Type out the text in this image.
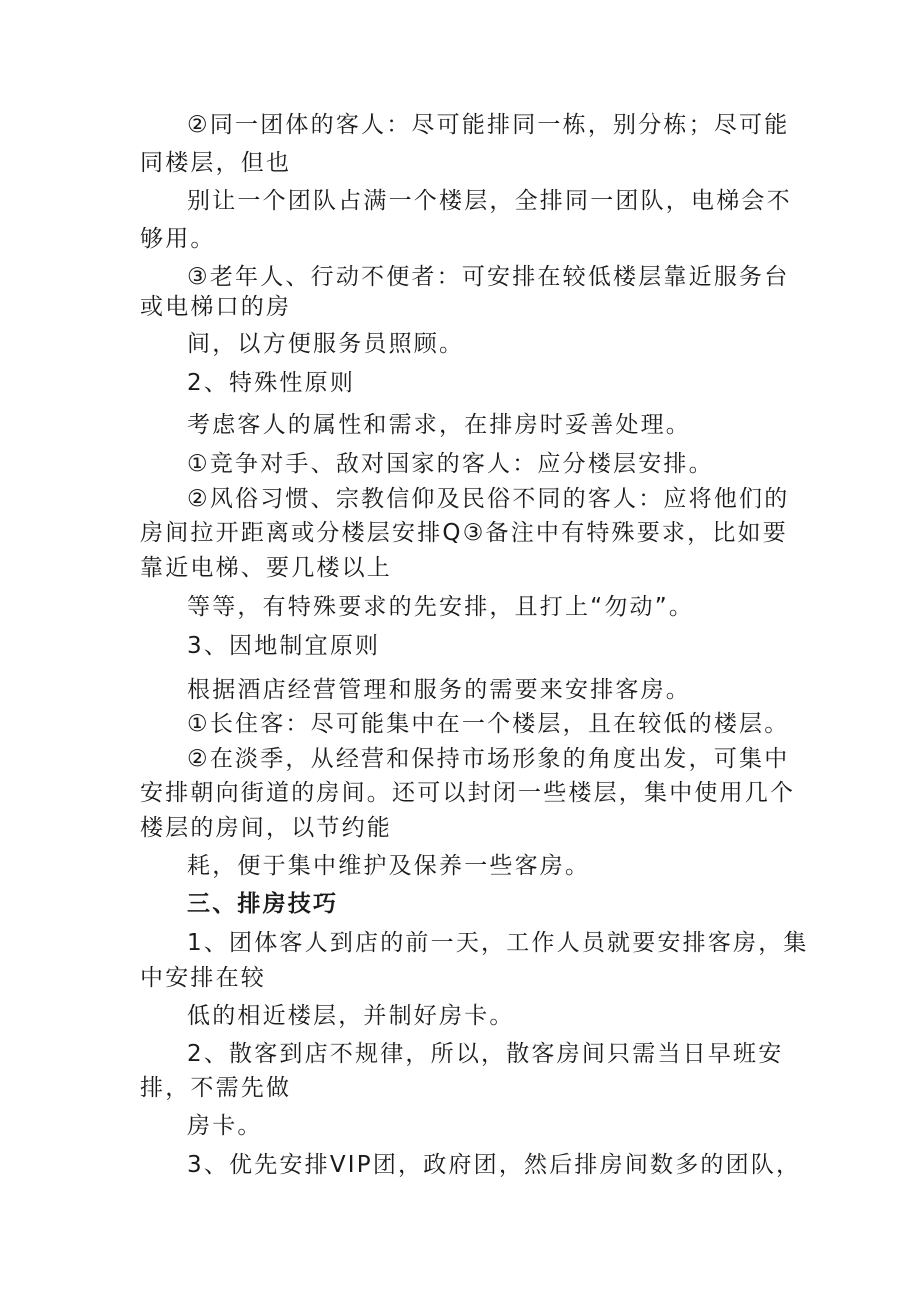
②同一团体的客人：尽可能排同一栋，别分栋；尽可能

同楼层，但也

别让一个团队占满一个楼层，全排同一团队，电梯会不

够用。

③老年人、行动不便者：可安排在较低楼层靠近服务台

或电梯口的房

间，以方便服务员照顾。

2、特殊性原则

考虑客人的属性和需求，在排房时妥善处理。

①竞争对手、敌对国家的客人：应分楼层安排。

②风俗习惯、宗教信仰及民俗不同的客人：应将他们的

房间拉开距离或分楼层安排Q③备注中有特殊要求，比如要

靠近电梯、要几楼以上

等等，有特殊要求的先安排，且打上“勿动”。

3、因地制宜原则

根据酒店经营管理和服务的需要来安排客房。

①长住客：尽可能集中在一个楼层，且在较低的楼层。

②在淡季，从经营和保持市场形象的角度出发，可集中

安排朝向街道的房间。还可以封闭一些楼层，集中使用几个

楼层的房间，以节约能

耗，便于集中维护及保养一些客房。

三、排房技巧

1、团体客人到店的前一天，工作人员就要安排客房，集

中安排在较

低的相近楼层，并制好房卡。

2、散客到店不规律，所以，散客房间只需当日早班安

排，不需先做

房卡。

3、优先安排VIP团，政府团，然后排房间数多的团队，
